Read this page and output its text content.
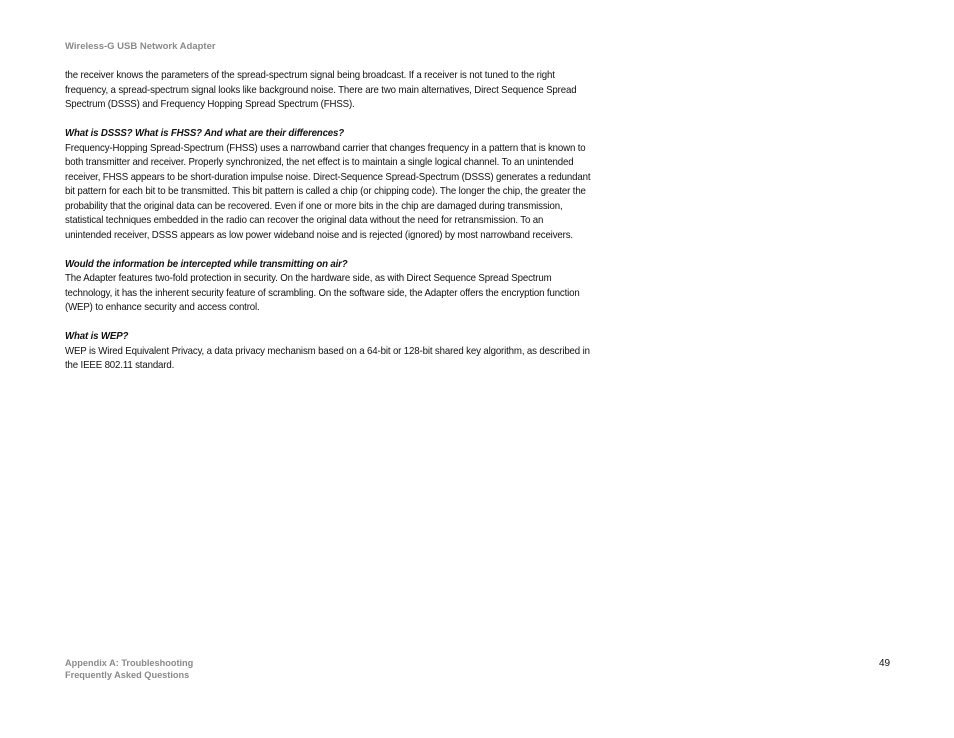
Wireless-G USB Network Adapter

the receiver knows the parameters of the spread-spectrum signal being broadcast. If a receiver is not tuned to the right frequency, a spread-spectrum signal looks like background noise. There are two main alternatives, Direct Sequence Spread Spectrum (DSSS) and Frequency Hopping Spread Spectrum (FHSS).

What is DSSS? What is FHSS? And what are their differences?

Frequency-Hopping Spread-Spectrum (FHSS) uses a narrowband carrier that changes frequency in a pattern that is known to both transmitter and receiver. Properly synchronized, the net effect is to maintain a single logical channel. To an unintended receiver, FHSS appears to be short-duration impulse noise. Direct-Sequence Spread-Spectrum (DSSS) generates a redundant bit pattern for each bit to be transmitted. This bit pattern is called a chip (or chipping code). The longer the chip, the greater the probability that the original data can be recovered. Even if one or more bits in the chip are damaged during transmission, statistical techniques embedded in the radio can recover the original data without the need for retransmission. To an unintended receiver, DSSS appears as low power wideband noise and is rejected (ignored) by most narrowband receivers.

Would the information be intercepted while transmitting on air?

The Adapter features two-fold protection in security. On the hardware side, as with Direct Sequence Spread Spectrum technology, it has the inherent security feature of scrambling. On the software side, the Adapter offers the encryption function (WEP) to enhance security and access control.

What is WEP?

WEP is Wired Equivalent Privacy, a data privacy mechanism based on a 64-bit or 128-bit shared key algorithm, as described in the IEEE 802.11 standard.

Appendix A: Troubleshooting
Frequently Asked Questions
49
